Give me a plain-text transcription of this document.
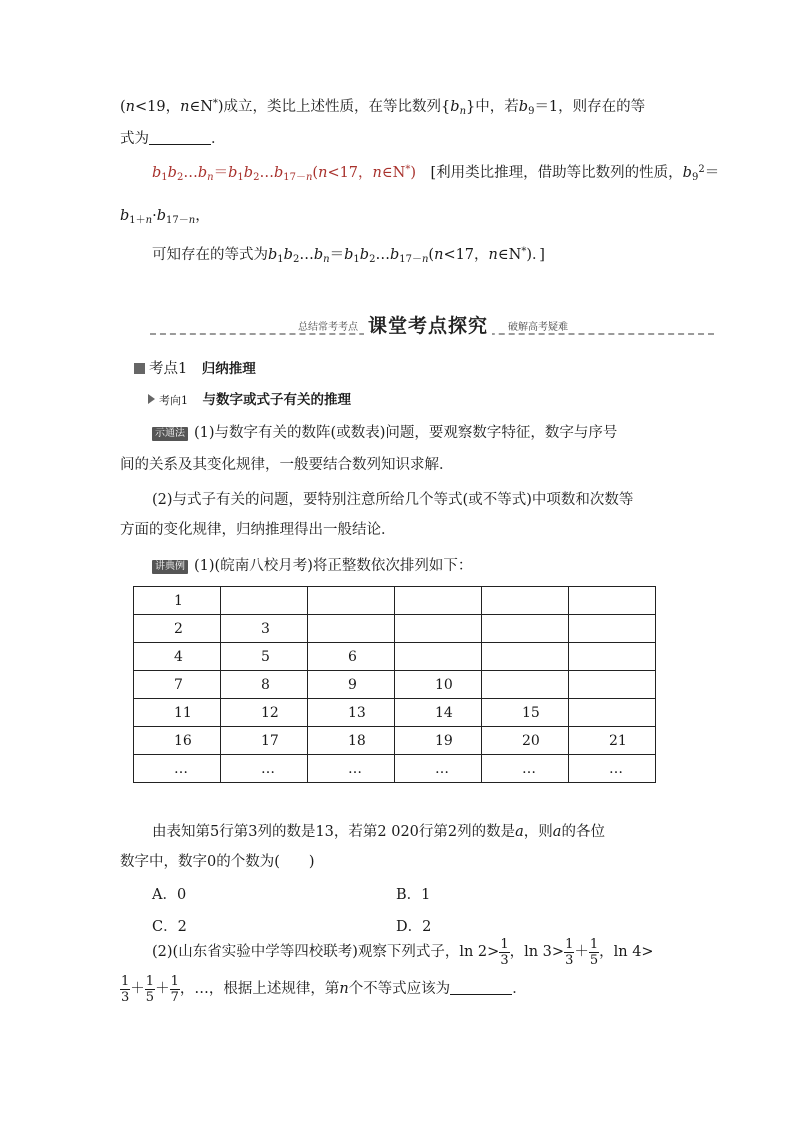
(n<19，n∈N*)成立，类比上述性质，在等比数列$\{b_n\}$中，若$b_9=1$，则存在的等
式为	．
$b_1b_2\dots b_n=b_1b_2\dots b_{17-n}(n<17$，n∈N*)　 [利用类比推理，借助等比数列的性质，$b_9^2=$
$b_{1+n}\cdot b_{17-n}$，
可知存在的等式为$b_1b_2\dots b_n=b_1b_2\dots b_{17-n}(n<17$，n∈N*)．]
总结常考考点 课堂考点探究	破解高考疑难
考点1　 归纳推理
考向1　 与数字或式子有关的推理
示通法 (1)与数字有关的数阵(或数表)问题，要观察数字特征，数字与序号
间的关系及其变化规律，一般要结合数列知识求解．
(2)与式子有关的问题，要特别注意所给几个等式(或不等式)中项数和次数等
方面的变化规律，归纳推理得出一般结论．
讲典例 (1)(皖南八校月考)将正整数依次排列如下：
1					
2	3				
4	5	6			
7	8	9	10		
11	12	13	14	15	
16	17	18	19	20	21
…	…	…	…	…	…
由表知第5行第3列的数是13，若第2 020行第2列的数是a，则a的各位
数字中，数字0的个数为(　　)
A．0	B．1
C．2	D．2
(2)(山东省实验中学等四校联考)观察下列式子，$\ln 2> \frac{1}{3}$ ，$\ln 3> \frac{1}{3} + \frac{1}{5}$ ，ln 4>
$\frac{1}{3} + \frac{1}{5} + \frac{1}{7}$ ，…，根据上述规律，第n个不等式应该为	．
